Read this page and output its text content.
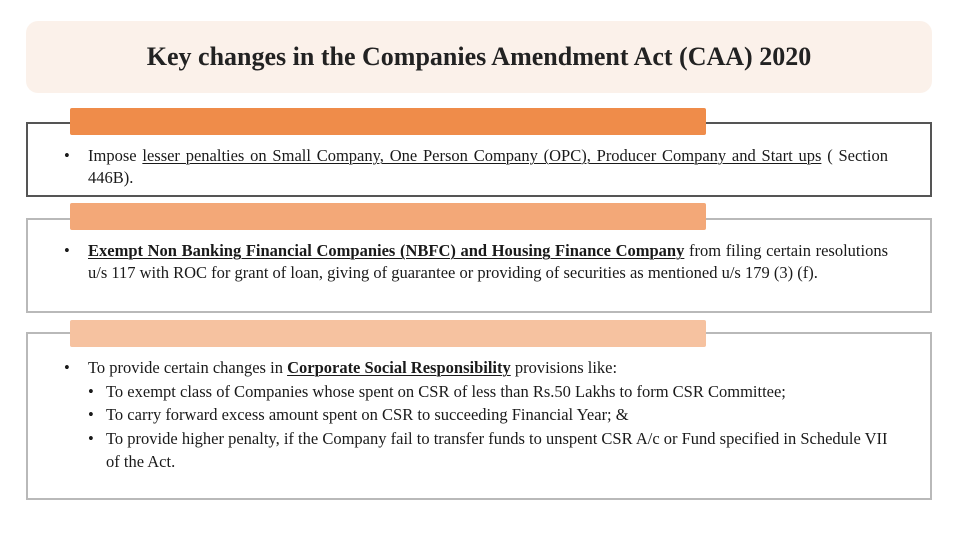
Key changes in the Companies Amendment Act (CAA) 2020
•	Impose lesser penalties on Small Company, One Person Company (OPC), Producer Company and Start ups ( Section 446B).
•	Exempt Non Banking Financial Companies (NBFC) and Housing Finance Company from filing certain resolutions u/s 117 with ROC for grant of loan, giving of guarantee or providing of securities as mentioned u/s 179 (3) (f).
•	To provide certain changes in Corporate Social Responsibility provisions like:
• To exempt class of Companies whose spent on CSR of less than Rs.50 Lakhs to form CSR Committee;
• To carry forward excess amount spent on CSR to succeeding Financial Year; &
• To provide higher penalty, if the Company fail to transfer funds to unspent CSR A/c or Fund specified in Schedule VII of the Act.
